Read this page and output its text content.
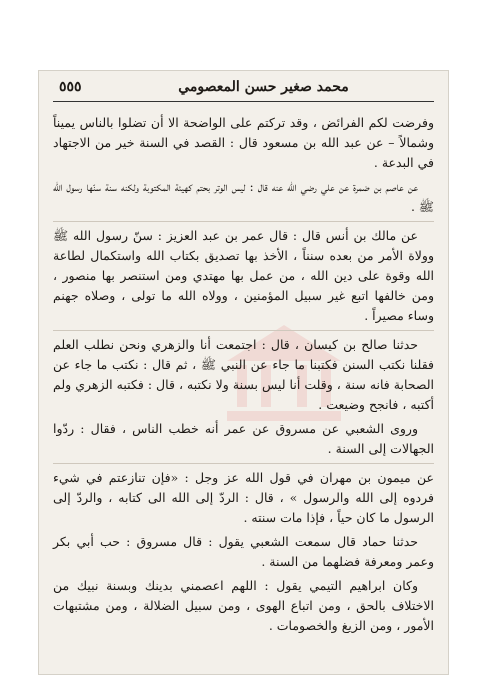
محمد صغير حسن المعصومي
٥٥٥

وفرضت لكم الفرائض ، وقد تركتم على الواضحة الا أن تضلوا بالناس يميناً وشمالاً – عن عبد الله بن مسعود قال : القصد في السنة خير من الاجتهاد في البدعة .

عن عاصم بن ضمرة عن علي رضي الله عنه قال : ليس الوتر بحتم كهيئة المكتوبة ولكنه سنة سنّها رسول الله ﷺ .

عن مالك بن أنس قال : قال عمر بن عبد العزيز : سنّ رسول الله ﷺ وولاة الأمر من بعده سنناً ، الأخذ بها تصديق بكتاب الله واستكمال لطاعة الله وقوة على دين الله ، من عمل بها مهتدي ومن استنصر بها منصور ، ومن خالفها اتبع غير سبيل المؤمنين ، وولاه الله ما تولى ، وصلاه جهنم وساء مصيراً .

حدثنا صالح بن كيسان ، قال : اجتمعت أنا والزهري ونحن نطلب العلم فقلنا نكتب السنن فكتبنا ما جاء عن النبي ﷺ ، ثم قال : نكتب ما جاء عن الصحابة فانه سنة ، وقلت أنا ليس بسنة ولا نكتبه ، قال : فكتبه الزهري ولم أكتبه ، فانجح وضيعت .

وروى الشعبي عن مسروق عن عمر أنه خطب الناس ، فقال : ردّوا الجهالات إلى السنة .

عن ميمون بن مهران في قول الله عز وجل : «فإن تنازعتم في شيء فردوه إلى الله والرسول » ، قال : الردّ إلى الله الى كتابه ، والردّ إلى الرسول ما كان حياً ، فإذا مات سنته .

حدثنا حماد قال سمعت الشعبي يقول : قال مسروق : حب أبي بكر وعمر ومعرفة فضلهما من السنة .

وكان ابراهيم التيمي يقول : اللهم اعصمني بدينك وبسنة نبيك من الاختلاف بالحق ، ومن اتباع الهوى ، ومن سبيل الضلالة ، ومن مشتبهات الأمور ، ومن الزيغ والخصومات .
